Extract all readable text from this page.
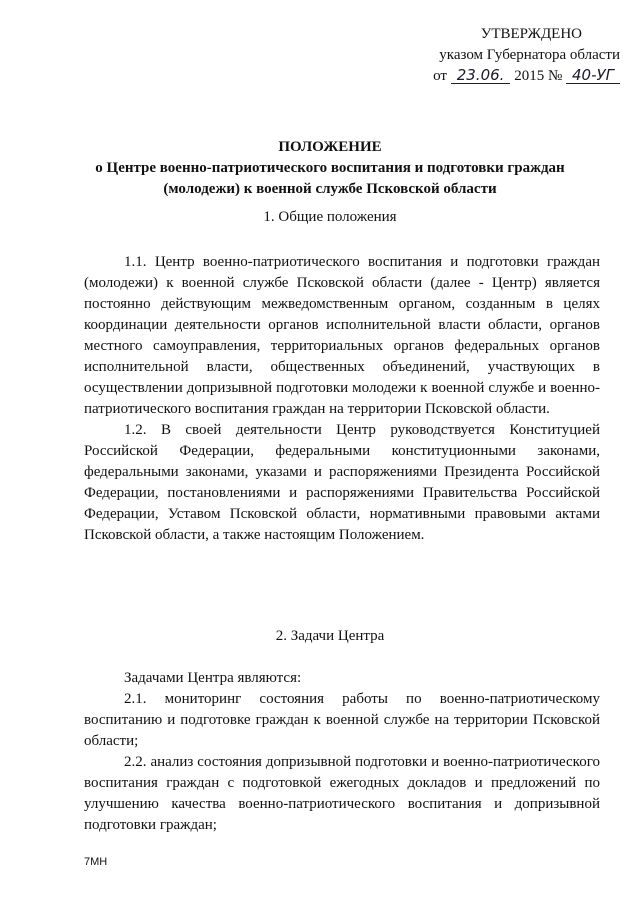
УТВЕРЖДЕНО
указом Губернатора области
от 23.06. 2015 № 40-УГ
ПОЛОЖЕНИЕ
о Центре военно-патриотического воспитания и подготовки граждан (молодежи) к военной службе Псковской области
1. Общие положения

1.1. Центр военно-патриотического воспитания и подготовки граждан (молодежи) к военной службе Псковской области (далее - Центр) является постоянно действующим межведомственным органом, созданным в целях координации деятельности органов исполнительной власти области, органов местного самоуправления, территориальных органов федеральных органов исполнительной власти, общественных объединений, участвующих в осуществлении допризывной подготовки молодежи к военной службе и военно-патриотического воспитания граждан на территории Псковской области.

1.2. В своей деятельности Центр руководствуется Конституцией Российской Федерации, федеральными конституционными законами, федеральными законами, указами и распоряжениями Президента Российской Федерации, постановлениями и распоряжениями Правительства Российской Федерации, Уставом Псковской области, нормативными правовыми актами Псковской области, а также настоящим Положением.

2. Задачи Центра

Задачами Центра являются:

2.1. мониторинг состояния работы по военно-патриотическому воспитанию и подготовке граждан к военной службе на территории Псковской области;

2.2. анализ состояния допризывной подготовки и военно-патриотического воспитания граждан с подготовкой ежегодных докладов и предложений по улучшению качества военно-патриотического воспитания и допризывной подготовки граждан;

7МН
